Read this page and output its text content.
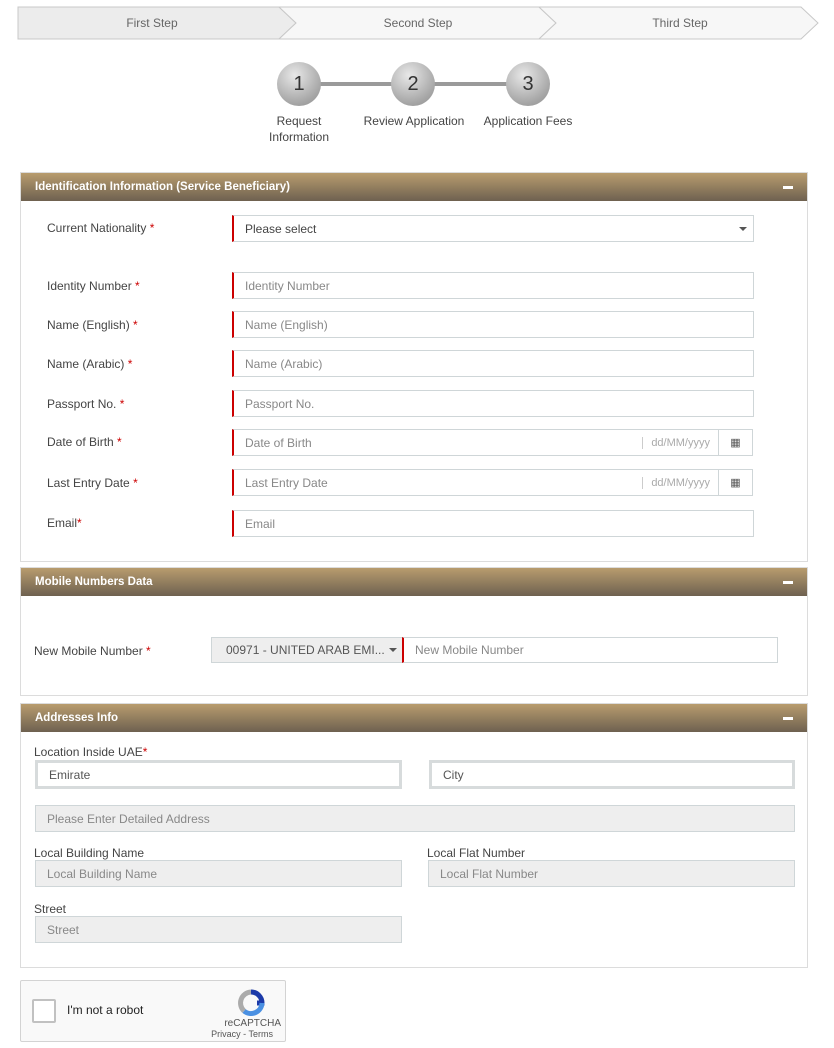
First Step	Second Step	Third Step
1	2	3
Request Information
Review Application	Application Fees
Identification Information (Service Beneficiary)
Current Nationality *	Please select
Identity Number *	Identity Number
Name (English) *	Name (English)
Name (Arabic) *	Name (Arabic)
Passport No. *	Passport No.
Date of Birth *	Date of Birth	dd/MM/yyyy	▦
Last Entry Date *	Last Entry Date	dd/MM/yyyy	▦
Email*	Email
Mobile Numbers Data
New Mobile Number *	00971 - UNITED ARAB EMI...	New Mobile Number
Addresses Info
Location Inside UAE*
Emirate	City
Please Enter Detailed Address
Local Building Name	Local Flat Number
Local Building Name	Local Flat Number
Street
Street
I'm not a robot
reCAPTCHA
Privacy - Terms
